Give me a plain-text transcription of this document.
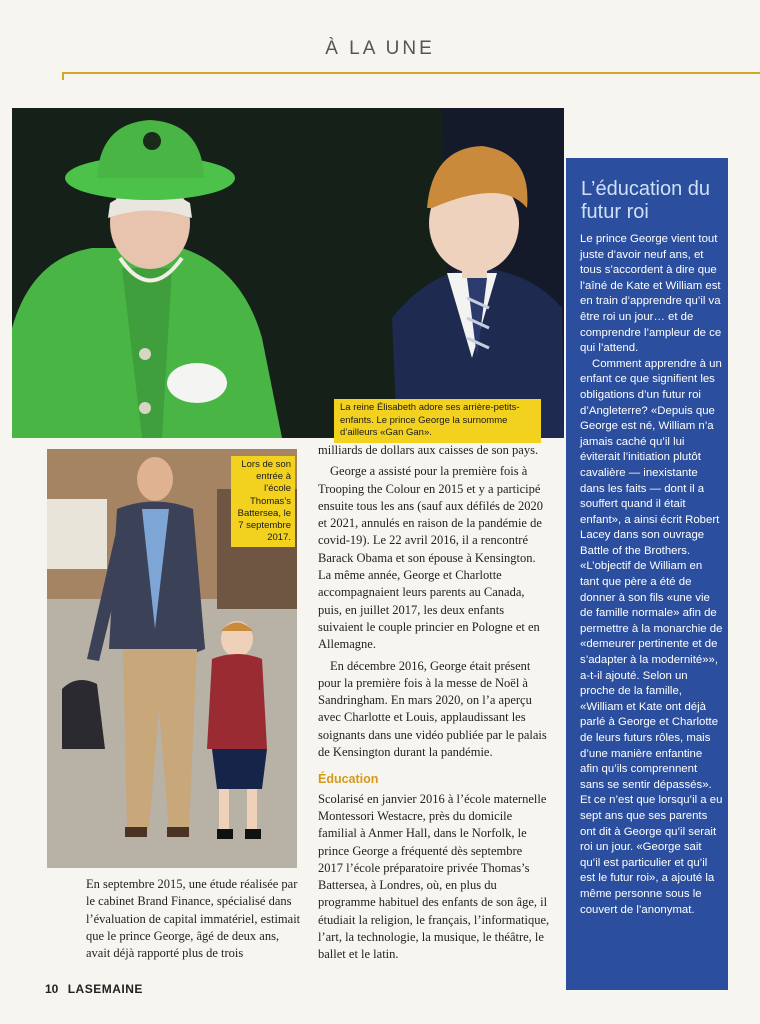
À LA UNE
La reine Élisabeth adore ses arrière-petits-enfants. Le prince George la surnomme d’ailleurs «Gan Gan».
Lors de son entrée à l’école Thomas’s Battersea, le 7 septembre 2017.

milliards de dollars aux caisses de son pays.

George a assisté pour la première fois à Trooping the Colour en 2015 et y a participé ensuite tous les ans (sauf aux défilés de 2020 et 2021, annulés en raison de la pandémie de covid-19). Le 22 avril 2016, il a rencontré Barack Obama et son épouse à Kensington. La même année, George et Charlotte accompagnaient leurs parents au Canada, puis, en juillet 2017, les deux enfants suivaient le couple princier en Pologne et en Allemagne.

En décembre 2016, George était présent pour la première fois à la messe de Noël à Sandringham. En mars 2020, on l’a aperçu avec Charlotte et Louis, applaudissant les soignants dans une vidéo publiée par le palais de Kensington durant la pandémie.

Éducation

Scolarisé en janvier 2016 à l’école maternelle Montessori Westacre, près du domicile familial à Anmer Hall, dans le Norfolk, le prince George a fréquenté dès septembre 2017 l’école préparatoire privée Thomas’s Battersea, à Londres, où, en plus du programme habituel des enfants de son âge, il étudiait la religion, le français, l’informatique, l’art, la technologie, la musique, le théâtre, le ballet et le latin.

En septembre 2015, une étude réalisée par le cabinet Brand Finance, spécialisé dans l’évaluation de capital immatériel, estimait que le prince George, âgé de deux ans, avait déjà rapporté plus de trois

L’éducation du futur roi

Le prince George vient tout juste d’avoir neuf ans, et tous s’accordent à dire que l’aîné de Kate et William est en train d’apprendre qu’il va être roi un jour… et de comprendre l’ampleur de ce qui l’attend.

Comment apprendre à un enfant ce que signifient les obligations d’un futur roi d’Angleterre? «Depuis que George est né, William n’a jamais caché qu’il lui éviterait l’initiation plutôt cavalière — inexistante dans les faits — dont il a souffert quand il était enfant», a ainsi écrit Robert Lacey dans son ouvrage Battle of the Brothers. «L’objectif de William en tant que père a été de donner à son fils «une vie de famille normale» afin de permettre à la monarchie de «demeurer pertinente et de s’adapter à la modernité»», a-t-il ajouté. Selon un proche de la famille, «William et Kate ont déjà parlé à George et Charlotte de leurs futurs rôles, mais d’une manière enfantine afin qu’ils comprennent sans se sentir dépassés». Et ce n’est que lorsqu’il a eu sept ans que ses parents ont dit à George qu’il serait roi un jour. «George sait qu’il est particulier et qu’il est le futur roi», a ajouté la même personne sous le couvert de l’anonymat.

10 LASEMAINE
